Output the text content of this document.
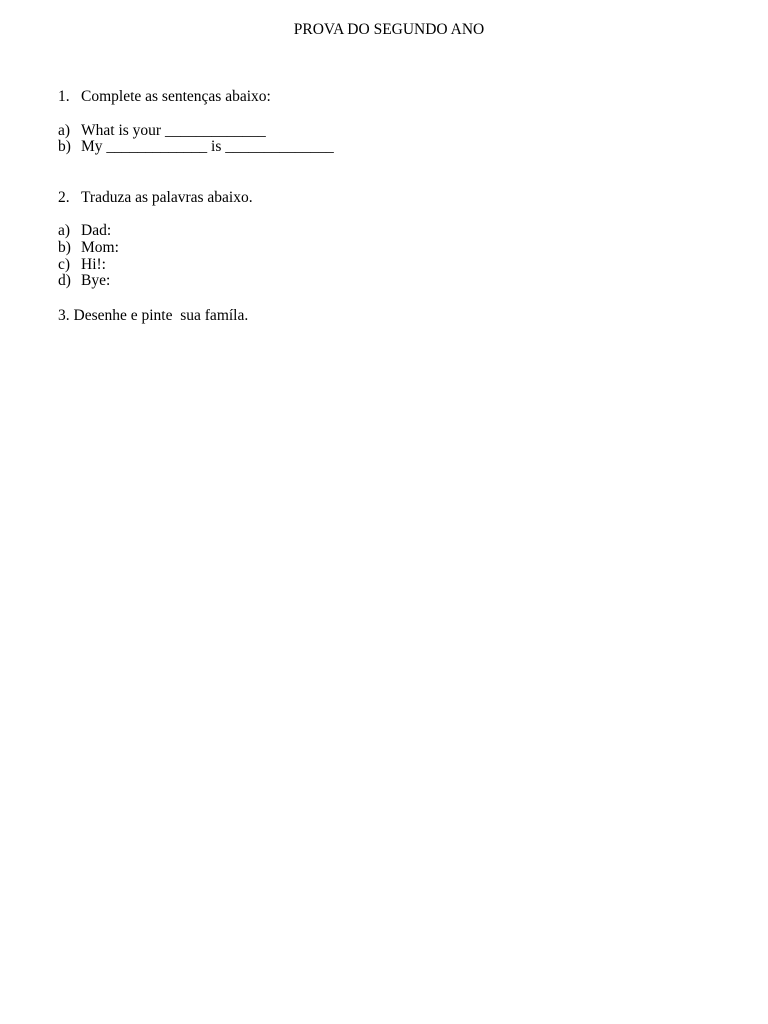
PROVA DO SEGUNDO ANO

1.

Complete as sentenças abaixo:

a)

What is your _____________

b)

My _____________ is ______________

2.

Traduza as palavras abaixo.

a)

Dad:

b)

Mom:

c)

Hi!:

d)

Bye:

3. Desenhe e pinte  sua famíla.
